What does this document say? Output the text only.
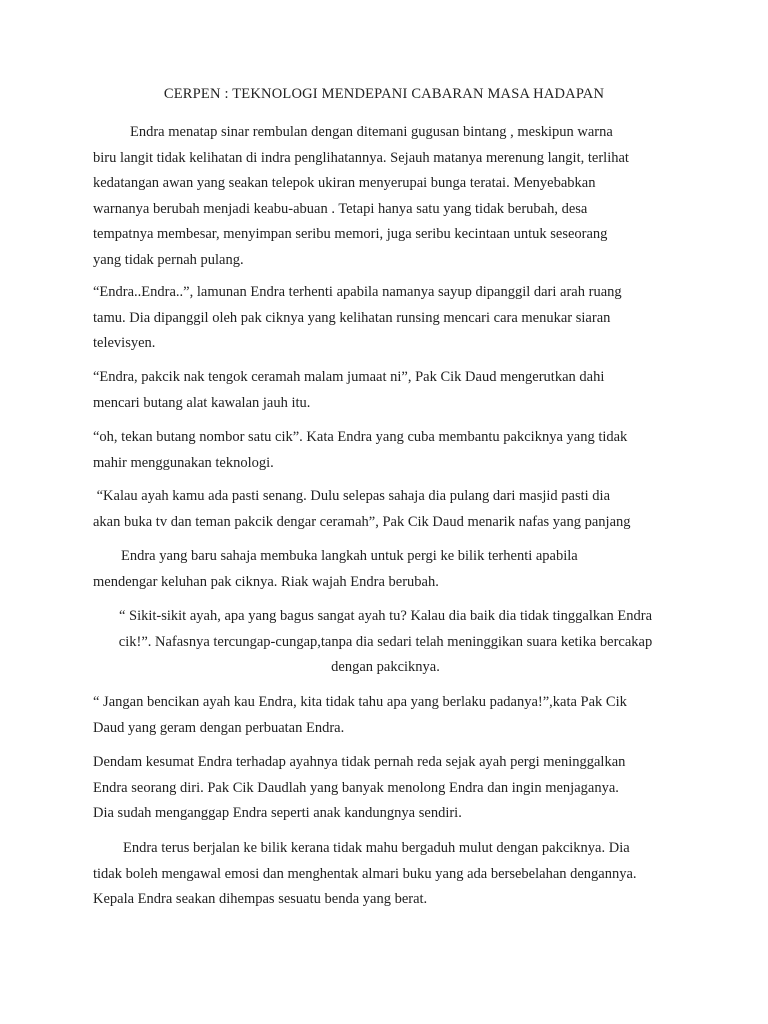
CERPEN : TEKNOLOGI MENDEPANI CABARAN MASA HADAPAN
Endra menatap sinar rembulan dengan ditemani gugusan bintang , meskipun warna
biru langit tidak kelihatan di indra penglihatannya. Sejauh matanya merenung langit, terlihat
kedatangan awan yang seakan telepok ukiran menyerupai bunga teratai. Menyebabkan
warnanya berubah menjadi keabu-abuan . Tetapi hanya satu yang tidak berubah, desa
tempatnya membesar, menyimpan seribu memori, juga seribu kecintaan untuk seseorang
yang tidak pernah pulang.
“Endra..Endra..”, lamunan Endra terhenti apabila namanya sayup dipanggil dari arah ruang
tamu. Dia dipanggil oleh pak ciknya yang kelihatan runsing mencari cara menukar siaran
televisyen.
“Endra, pakcik nak tengok ceramah malam jumaat ni”, Pak Cik Daud mengerutkan dahi
mencari butang alat kawalan jauh itu.
“oh, tekan butang nombor satu cik”. Kata Endra yang cuba membantu pakciknya yang tidak
mahir menggunakan teknologi.
“Kalau ayah kamu ada pasti senang. Dulu selepas sahaja dia pulang dari masjid pasti dia
akan buka tv dan teman pakcik dengar ceramah”, Pak Cik Daud menarik nafas yang panjang
Endra yang baru sahaja membuka langkah untuk pergi ke bilik terhenti apabila
mendengar keluhan pak ciknya. Riak wajah Endra berubah.
“ Sikit-sikit ayah, apa yang bagus sangat ayah tu? Kalau dia baik dia tidak tinggalkan Endra
cik!”. Nafasnya tercungap-cungap,tanpa dia sedari telah meninggikan suara ketika bercakap
dengan pakciknya.
“ Jangan bencikan ayah kau Endra, kita tidak tahu apa yang berlaku padanya!”,kata Pak Cik
Daud yang geram dengan perbuatan Endra.
Dendam kesumat Endra terhadap ayahnya tidak pernah reda sejak ayah pergi meninggalkan
Endra seorang diri. Pak Cik Daudlah yang banyak menolong Endra dan ingin menjaganya.
Dia sudah menganggap Endra seperti anak kandungnya sendiri.
Endra terus berjalan ke bilik kerana tidak mahu bergaduh mulut dengan pakciknya. Dia
tidak boleh mengawal emosi dan menghentak almari buku yang ada bersebelahan dengannya.
Kepala Endra seakan dihempas sesuatu benda yang berat.
